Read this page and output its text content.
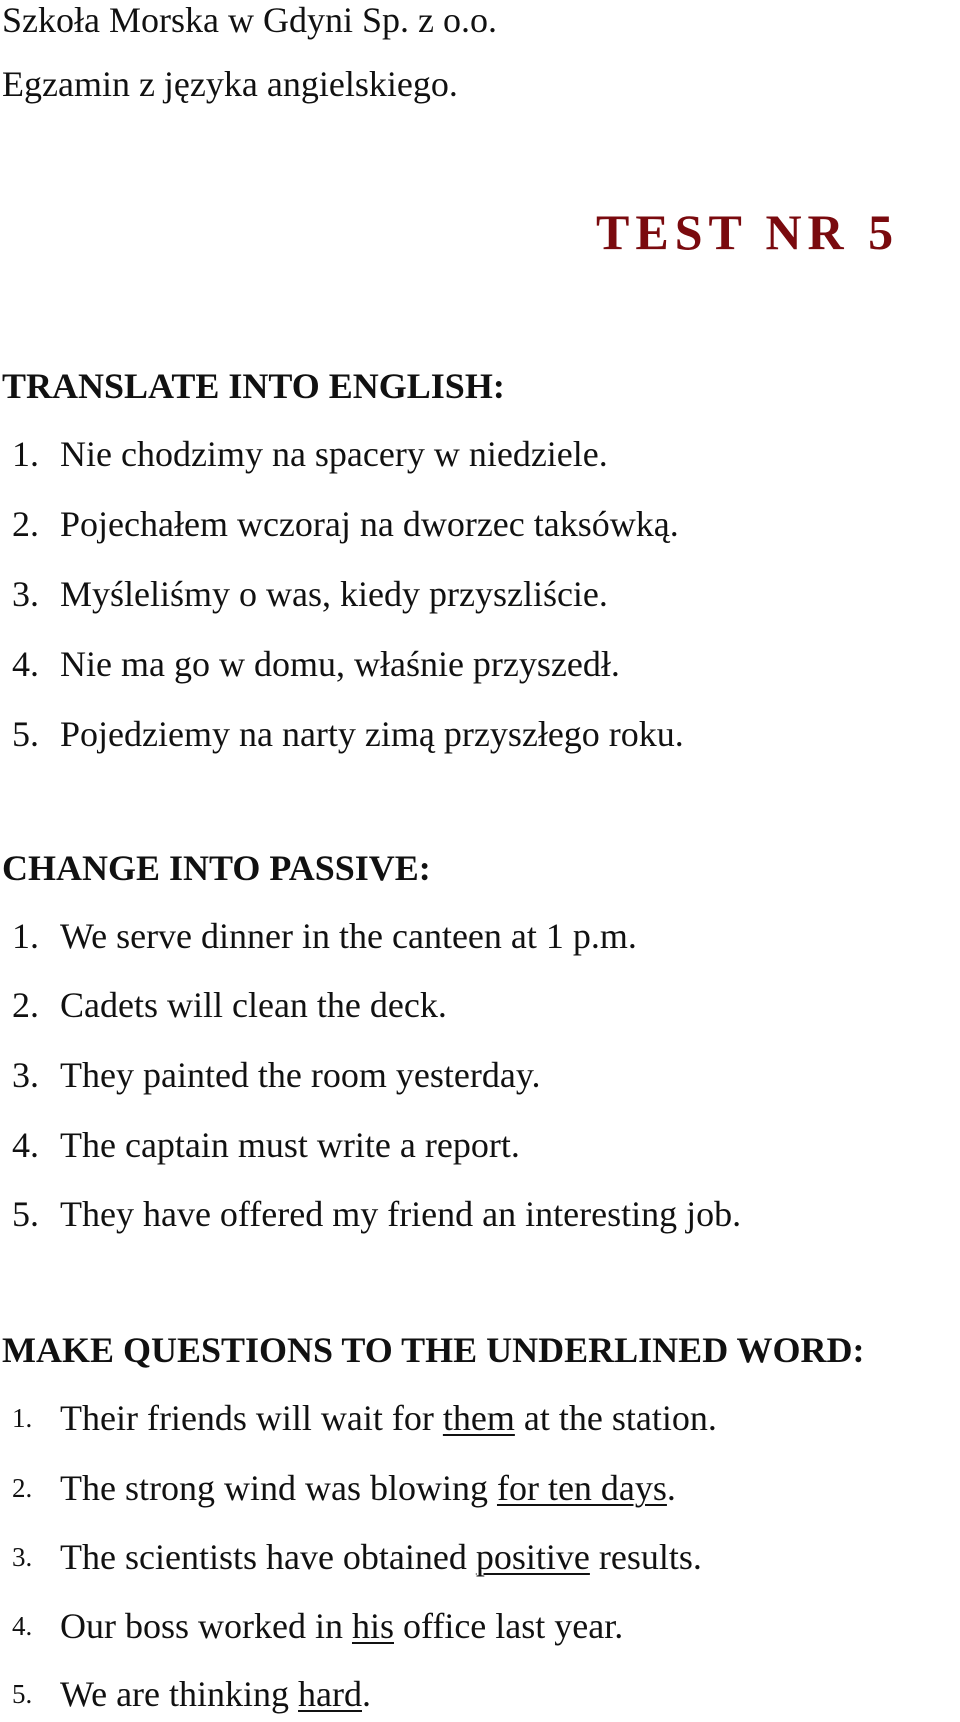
Szkoła Morska w Gdyni Sp. z o.o.
Egzamin z języka angielskiego.
TEST NR 5
TRANSLATE INTO ENGLISH:
1. Nie chodzimy na spacery w niedziele.
2. Pojechałem wczoraj na dworzec taksówką.
3. Myśleliśmy o was, kiedy przyszliście.
4. Nie ma go w domu, właśnie przyszedł.
5. Pojedziemy na narty zimą przyszłego roku.
CHANGE INTO PASSIVE:
1. We serve dinner in the canteen at 1 p.m.
2. Cadets will clean the deck.
3. They painted the room yesterday.
4. The captain must write a report.
5. They have offered my friend an interesting job.
MAKE QUESTIONS TO THE UNDERLINED WORD:
1. Their friends will wait for them at the station.
2. The strong wind was blowing for ten days.
3. The scientists have obtained positive results.
4. Our boss worked in his office last year.
5. We are thinking hard.
